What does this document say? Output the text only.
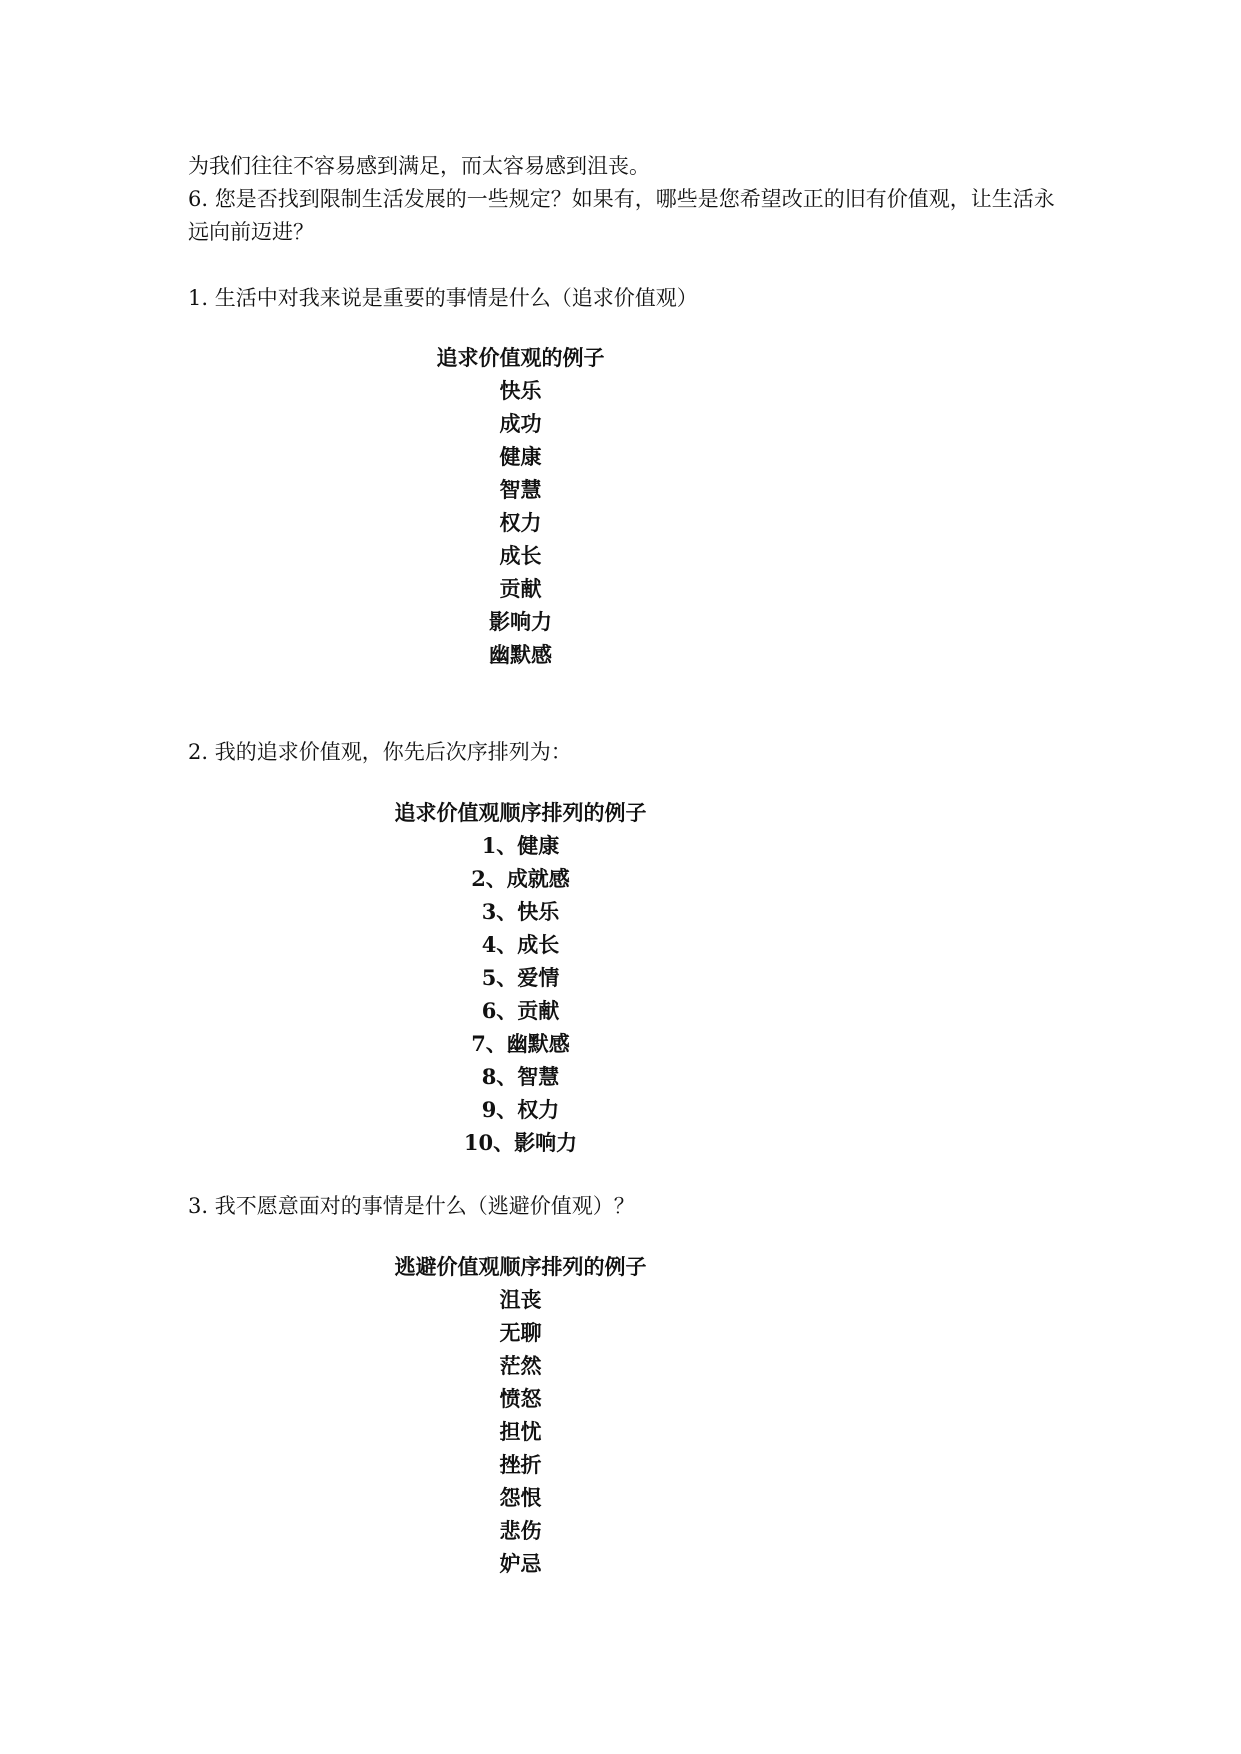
为我们往往不容易感到满足，而太容易感到沮丧。
6. 您是否找到限制生活发展的一些规定？如果有，哪些是您希望改正的旧有价值观，让生活永远向前迈进？
1. 生活中对我来说是重要的事情是什么（追求价值观）
追求价值观的例子
快乐
成功
健康
智慧
权力
成长
贡献
影响力
幽默感
2. 我的追求价值观，你先后次序排列为：
追求价值观顺序排列的例子
1、健康
2、成就感
3、快乐
4、成长
5、爱情
6、贡献
7、幽默感
8、智慧
9、权力
10、影响力
3. 我不愿意面对的事情是什么（逃避价值观）？
逃避价值观顺序排列的例子
沮丧
无聊
茫然
愤怒
担忧
挫折
怨恨
悲伤
妒忌
